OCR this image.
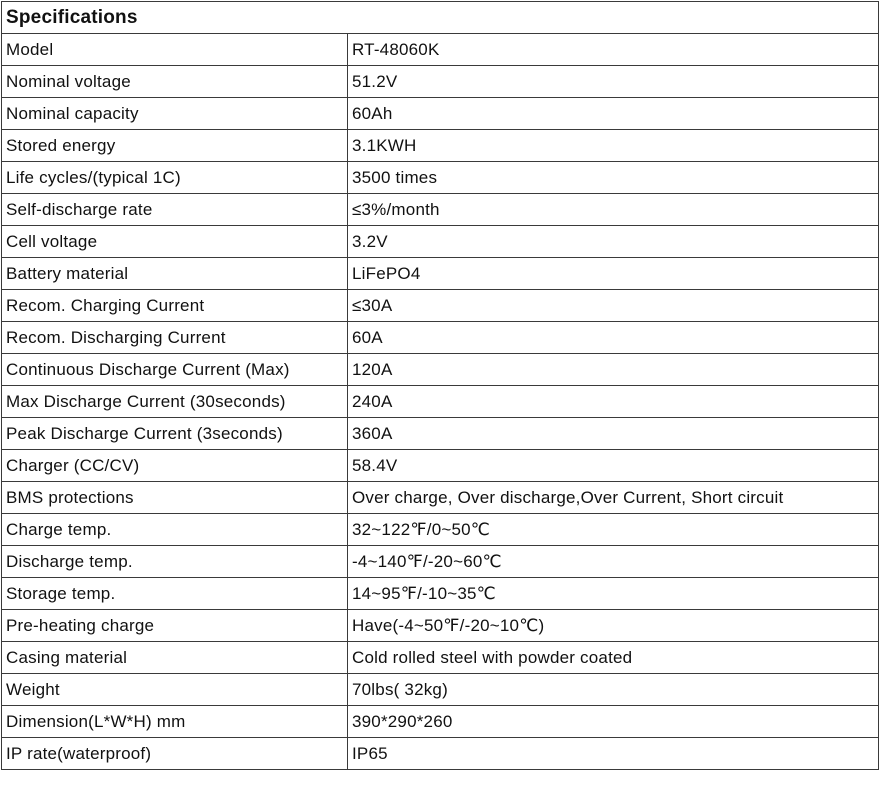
Specifications	
Model	RT-48060K
Nominal voltage	51.2V
Nominal capacity	60Ah
Stored energy	3.1KWH
Life cycles/(typical 1C)	3500 times
Self-discharge rate	≤3%/month
Cell voltage	3.2V
Battery material	LiFePO4
Recom. Charging Current	≤30A
Recom. Discharging Current	60A
Continuous Discharge Current (Max)	120A
Max Discharge Current (30seconds)	240A
Peak Discharge Current (3seconds)	360A
Charger (CC/CV)	58.4V
BMS protections	Over charge, Over discharge,Over Current, Short circuit
Charge temp.	32~122℉/0~50℃
Discharge temp.	-4~140℉/-20~60℃
Storage temp.	14~95℉/-10~35℃
Pre-heating charge	Have(-4~50℉/-20~10℃)
Casing material	Cold rolled steel with powder coated
Weight	70lbs( 32kg)
Dimension(L*W*H) mm	390*290*260
IP rate(waterproof)	IP65
